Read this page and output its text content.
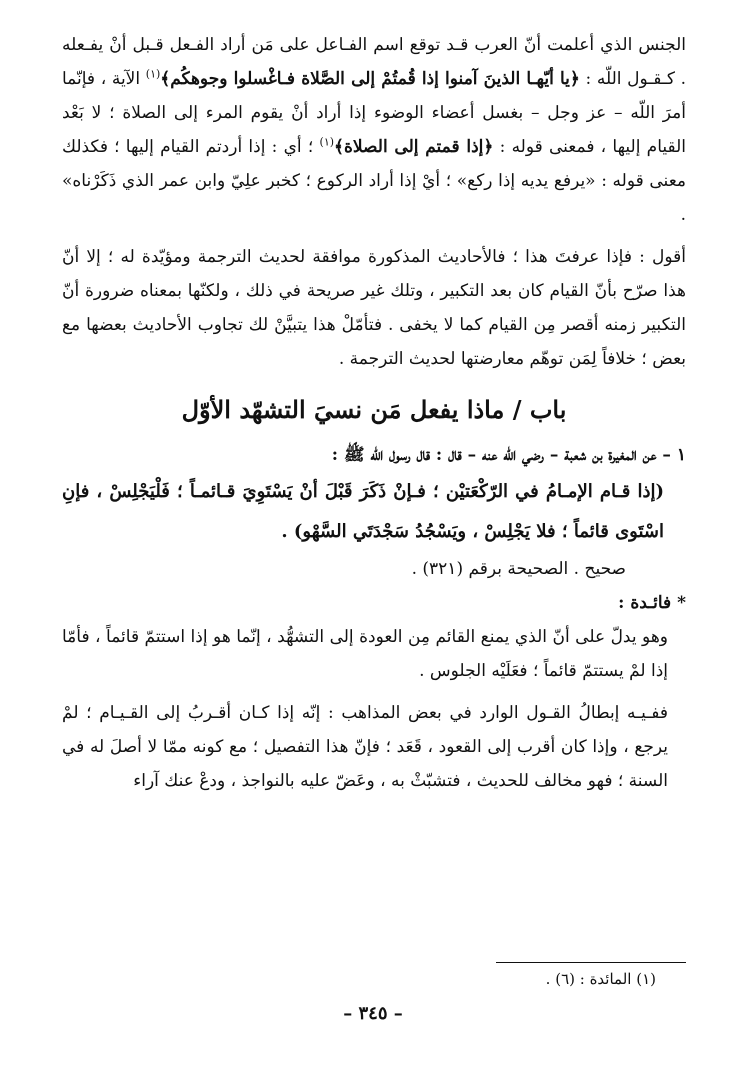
الجنس الذي أعلمت أنّ العرب قـد توقع اسم الفـاعل على مَن أراد الفـعل قـبل أنْ يفـعله . كـقـول اللّه : ﴿يا أيّهـا الذينَ آمنوا إذا قُمتُمْ إلى الصَّلاة فـاغْسلوا وجوهكُم﴾$^{(١)}$ الآية ، فإنّما أمرَ اللّه – عز وجل – بغسل أعضاء الوضوء إذا أراد أنْ يقوم المرء إلى الصلاة ؛ لا بَعْد القيام إليها ، فمعنى قوله : ﴿إذا قمتم إلى الصلاة﴾$^{(١)}$ ؛ أي : إذا أردتم القيام إليها ؛ فكذلك معنى قوله : «يرفع يديه إذا ركع» ؛ أيْ إذا أراد الركوع ؛ كخبر علِيّ وابن عمر الذي ذَكَرْناه» .

أقول : فإذا عرفتَ هذا ؛ فالأحاديث المذكورة موافقة لحديث الترجمة ومؤيّدة له ؛ إلا أنّ هذا صرّح بأنّ القيام كان بعد التكبير ، وتلك غير صريحة في ذلك ، ولكنّها بمعناه ضرورة أنّ التكبير زمنه أقصر مِن القيام كما لا يخفى . فتأمّلْ هذا يتبيَّنْ لك تجاوب الأحاديث بعضها مع بعض ؛ خلافاً لِمَن توهّم معارضتها لحديث الترجمة .

باب / ماذا يفعل مَن نسيَ التشهّد الأوّل

١ – عن المغيرة بن شعبة – رضي اللّه عنه – قال : قال رسول اللّه ﷺ :

(إذا قـام الإمـامُ في الرّكْعَتيْن ؛ فـإنْ ذَكَرَ قَبْلَ أنْ يَسْتَوِيَ قـائمـاً ؛ فَلْيَجْلِسْ ، فإنِ اسْتَوى قائماً ؛ فلا يَجْلِسْ ، ويَسْجُدُ سَجْدَتَي السَّهْو) .

صحيح . الصحيحة برقم (٣٢١) .

* فائـدة :

وهو يدلّ على أنّ الذي يمنع القائم مِن العودة إلى التشهُّد ، إنّما هو إذا استتمّ قائماً ، فأمّا إذا لمْ يستتمّ قائماً ؛ فعَلَيْه الجلوس .

ففـيـه إبطالُ القـول الوارد في بعض المذاهب : إنّه إذا كـان أقـربُ إلى القـيـام ؛ لمْ يرجع ، وإذا كان أقرب إلى القعود ، قَعَد ؛ فإنّ هذا التفصيل ؛ مع كونه ممّا لا أصلَ له في السنة ؛ فهو مخالف للحديث ، فتشبّثْ به ، وعَضّ عليه بالنواجذ ، ودعْ عنك آراء

(١) المائدة : (٦) .
– ٣٤٥ –
